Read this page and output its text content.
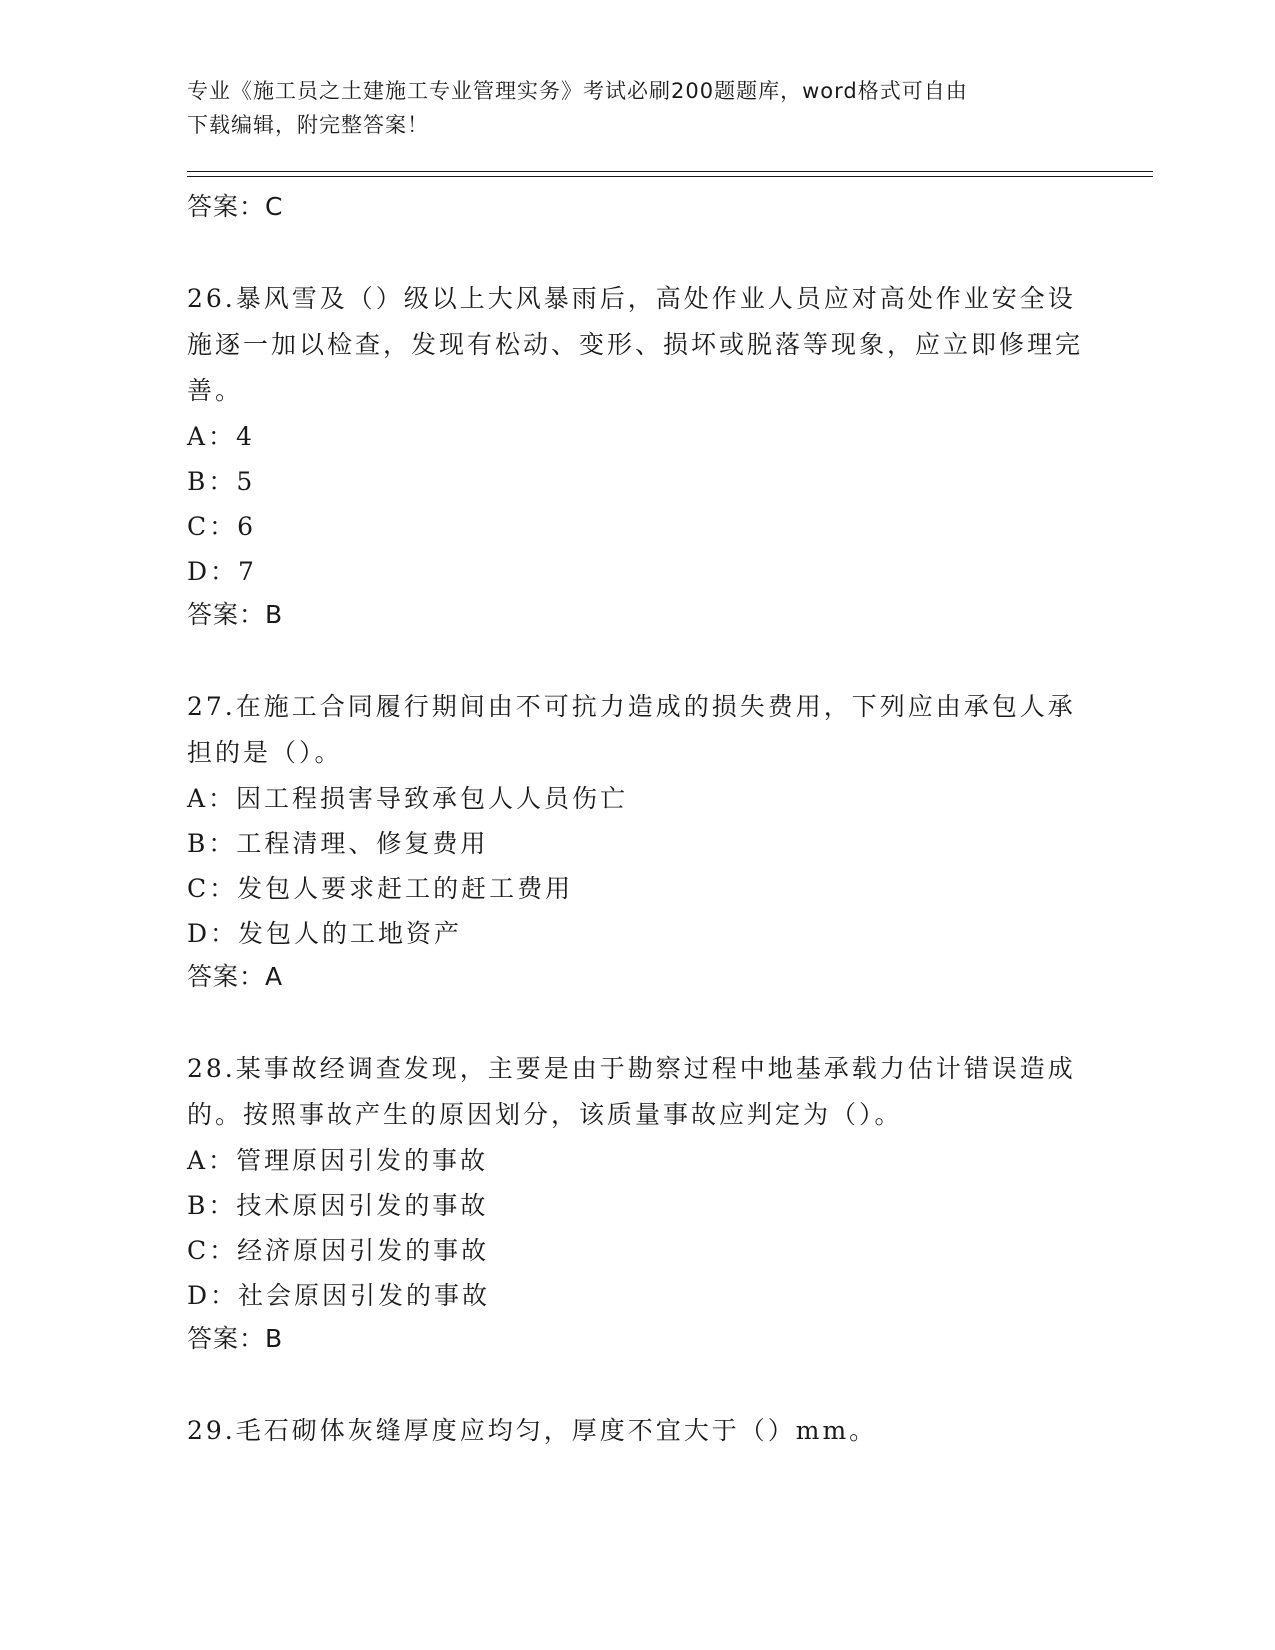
专业《施工员之土建施工专业管理实务》考试必刷200题题库，word格式可自由
下载编辑，附完整答案！
答案：C

26.暴风雪及（）级以上大风暴雨后，高处作业人员应对高处作业安全设施逐一加以检查，发现有松动、变形、损坏或脱落等现象，应立即修理完善。

A：4
B：5
C：6
D：7
答案：B

27.在施工合同履行期间由不可抗力造成的损失费用，下列应由承包人承担的是（）。

A：因工程损害导致承包人人员伤亡
B：工程清理、修复费用
C：发包人要求赶工的赶工费用
D：发包人的工地资产
答案：A

28.某事故经调查发现，主要是由于勘察过程中地基承载力估计错误造成的。按照事故产生的原因划分，该质量事故应判定为（）。

A：管理原因引发的事故
B：技术原因引发的事故
C：经济原因引发的事故
D：社会原因引发的事故
答案：B

29.毛石砌体灰缝厚度应均匀，厚度不宜大于（）mm。
